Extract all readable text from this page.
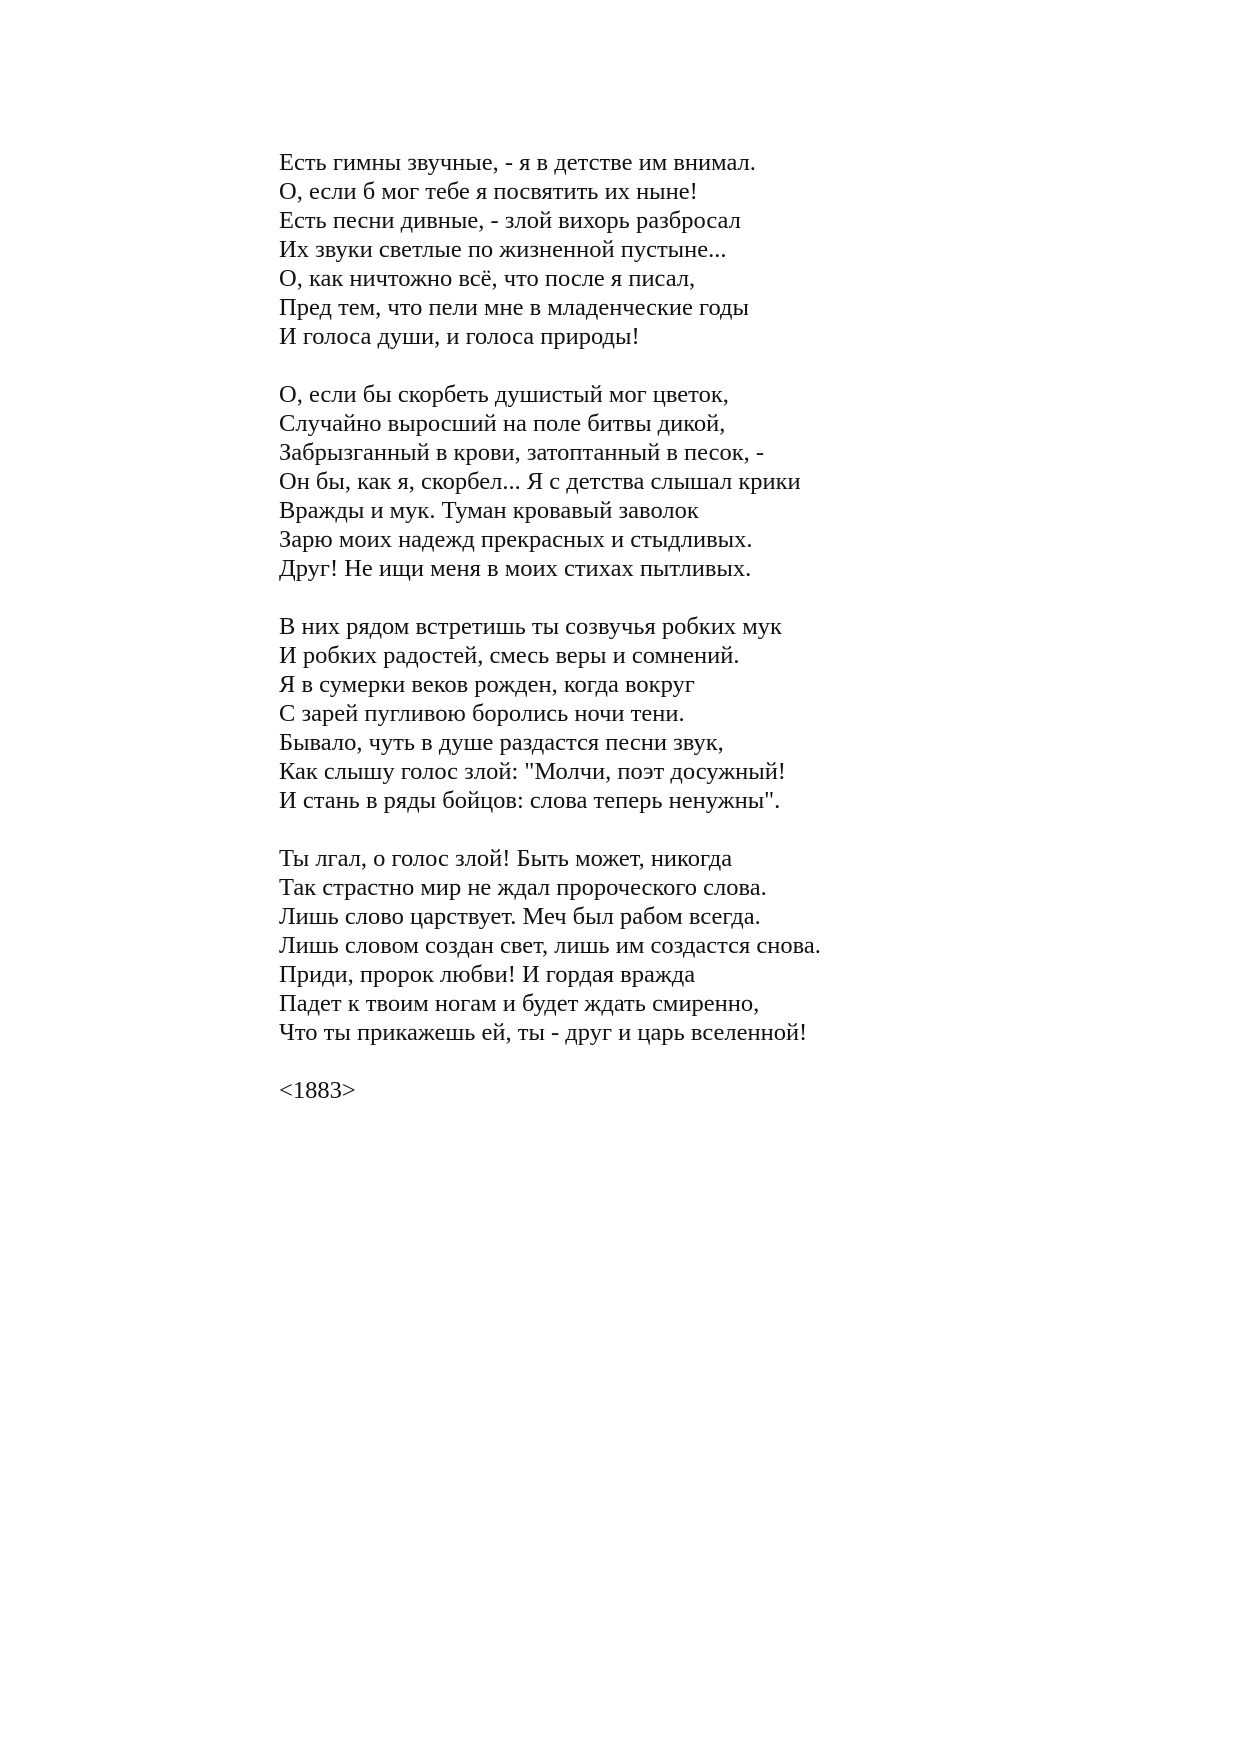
Есть гимны звучные, - я в детстве им внимал.
О, если б мог тебе я посвятить их ныне!
Есть песни дивные, - злой вихорь разбросал
Их звуки светлые по жизненной пустыне...
О, как ничтожно всё, что после я писал,
Пред тем, что пели мне в младенческие годы
И голоса души, и голоса природы!
О, если бы скорбеть душистый мог цветок,
Случайно выросший на поле битвы дикой,
Забрызганный в крови, затоптанный в песок, -
Он бы, как я, скорбел... Я с детства слышал крики
Вражды и мук. Туман кровавый заволок
Зарю моих надежд прекрасных и стыдливых.
Друг! Не ищи меня в моих стихах пытливых.
В них рядом встретишь ты созвучья робких мук
И робких радостей, смесь веры и сомнений.
Я в сумерки веков рожден, когда вокруг
С зарей пугливою боролись ночи тени.
Бывало, чуть в душе раздастся песни звук,
Как слышу голос злой: "Молчи, поэт досужный!
И стань в ряды бойцов: слова теперь ненужны".
Ты лгал, о голос злой! Быть может, никогда
Так страстно мир не ждал пророческого слова.
Лишь слово царствует. Меч был рабом всегда.
Лишь словом создан свет, лишь им создастся снова.
Приди, пророк любви! И гордая вражда
Падет к твоим ногам и будет ждать смиренно,
Что ты прикажешь ей, ты - друг и царь вселенной!
<1883>
